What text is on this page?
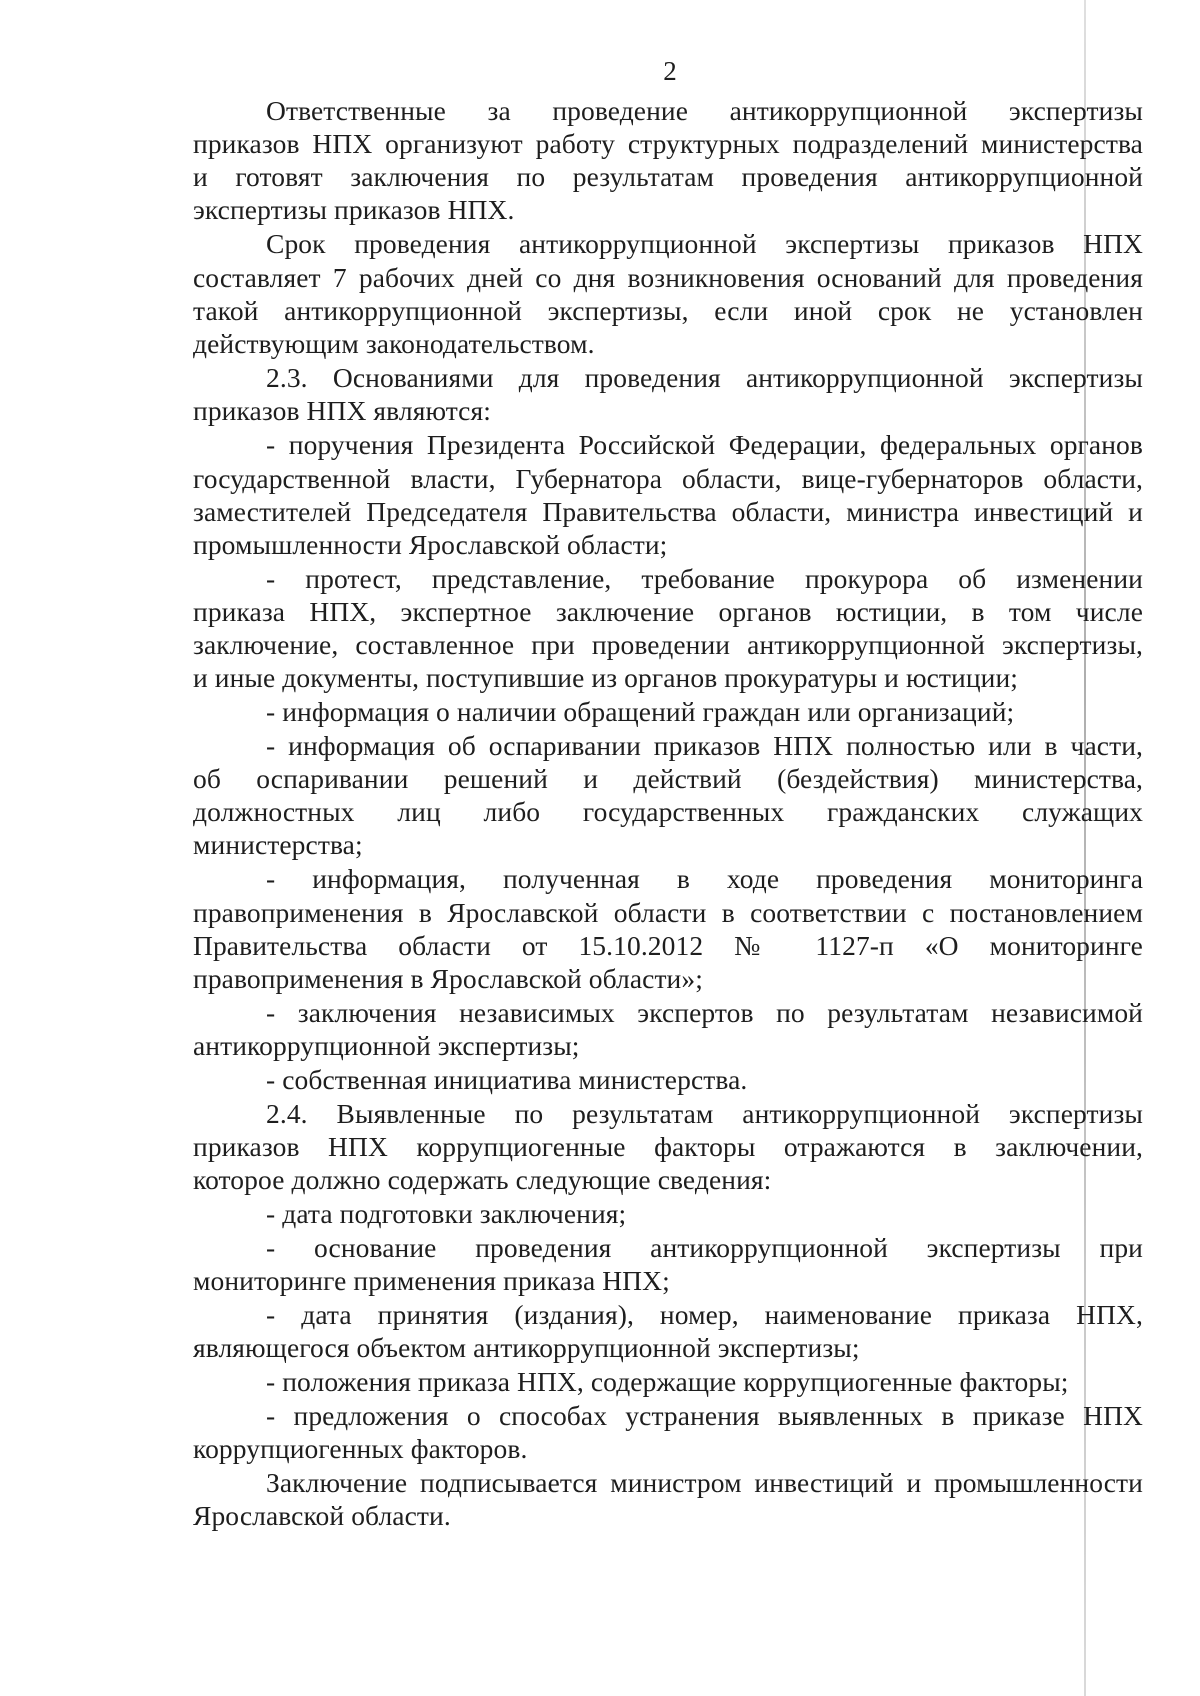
2
Ответственные за проведение антикоррупционной экспертизы
приказов НПХ организуют работу структурных подразделений министерства
и готовят заключения по результатам проведения антикоррупционной
экспертизы приказов НПХ.
Срок проведения антикоррупционной экспертизы приказов НПХ
составляет 7 рабочих дней со дня возникновения оснований для проведения
такой антикоррупционной экспертизы, если иной срок не установлен
действующим законодательством.
2.3. Основаниями для проведения антикоррупционной экспертизы
приказов НПХ являются:
- поручения Президента Российской Федерации, федеральных органов
государственной власти, Губернатора области, вице-губернаторов области,
заместителей Председателя Правительства области, министра инвестиций и
промышленности Ярославской области;
- протест, представление, требование прокурора об изменении
приказа НПХ, экспертное заключение органов юстиции, в том числе
заключение, составленное при проведении антикоррупционной экспертизы,
и иные документы, поступившие из органов прокуратуры и юстиции;
- информация о наличии обращений граждан или организаций;
- информация об оспаривании приказов НПХ полностью или в части,
об оспаривании решений и действий (бездействия) министерства,
должностных лиц либо государственных гражданских служащих
министерства;
- информация, полученная в ходе проведения мониторинга
правоприменения в Ярославской области в соответствии с постановлением
Правительства области от 15.10.2012 № 1127-п «О мониторинге
правоприменения в Ярославской области»;
- заключения независимых экспертов по результатам независимой
антикоррупционной экспертизы;
- собственная инициатива министерства.
2.4. Выявленные по результатам антикоррупционной экспертизы
приказов НПХ коррупциогенные факторы отражаются в заключении,
которое должно содержать следующие сведения:
- дата подготовки заключения;
- основание проведения антикоррупционной экспертизы при
мониторинге применения приказа НПХ;
- дата принятия (издания), номер, наименование приказа НПХ,
являющегося объектом антикоррупционной экспертизы;
- положения приказа НПХ, содержащие коррупциогенные факторы;
- предложения о способах устранения выявленных в приказе НПХ
коррупциогенных факторов.
Заключение подписывается министром инвестиций и промышленности
Ярославской области.
